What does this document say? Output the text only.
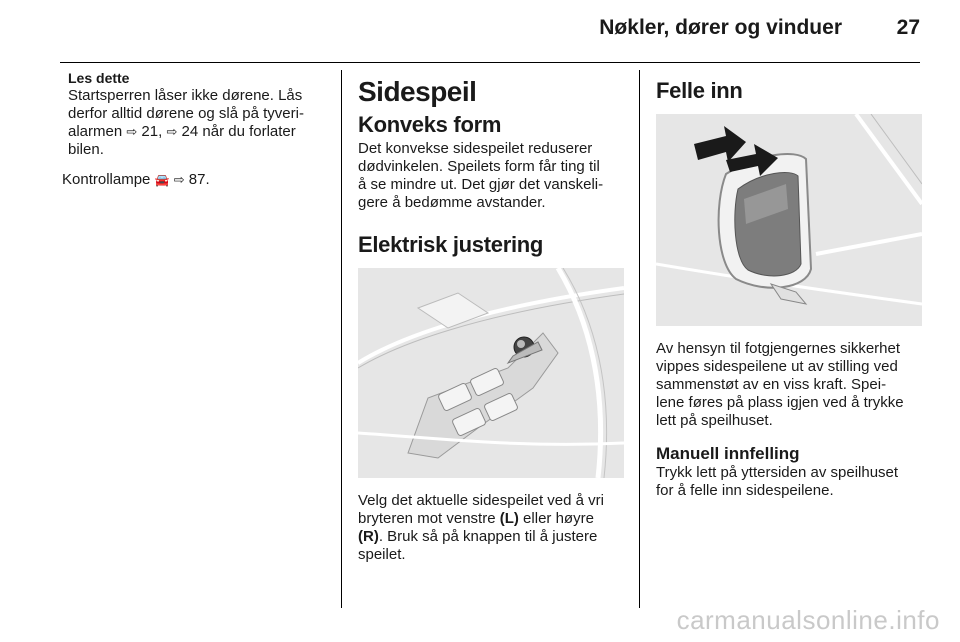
Nøkler, dører og vinduer	27

Les dette

Startsperren låser ikke dørene. Lås

derfor alltid dørene og slå på tyveri-

alarmen ⇨ 21, ⇨ 24 når du forlater

bilen.

Kontrollampe 🚘 ⇨ 87.

Sidespeil
Konveks form

Det konvekse sidespeilet reduserer

dødvinkelen. Speilets form får ting til

å se mindre ut. Det gjør det vanskeli-

gere å bedømme avstander.

Elektrisk justering

Velg det aktuelle sidespeilet ved å vri

bryteren mot venstre (L) eller høyre

(R). Bruk så på knappen til å justere

speilet.

Felle inn

Av hensyn til fotgjengernes sikkerhet

vippes sidespeilene ut av stilling ved

sammenstøt av en viss kraft. Spei-

lene føres på plass igjen ved å trykke

lett på speilhuset.

Manuell innfelling

Trykk lett på yttersiden av speilhuset

for å felle inn sidespeilene.

carmanualsonline.info
